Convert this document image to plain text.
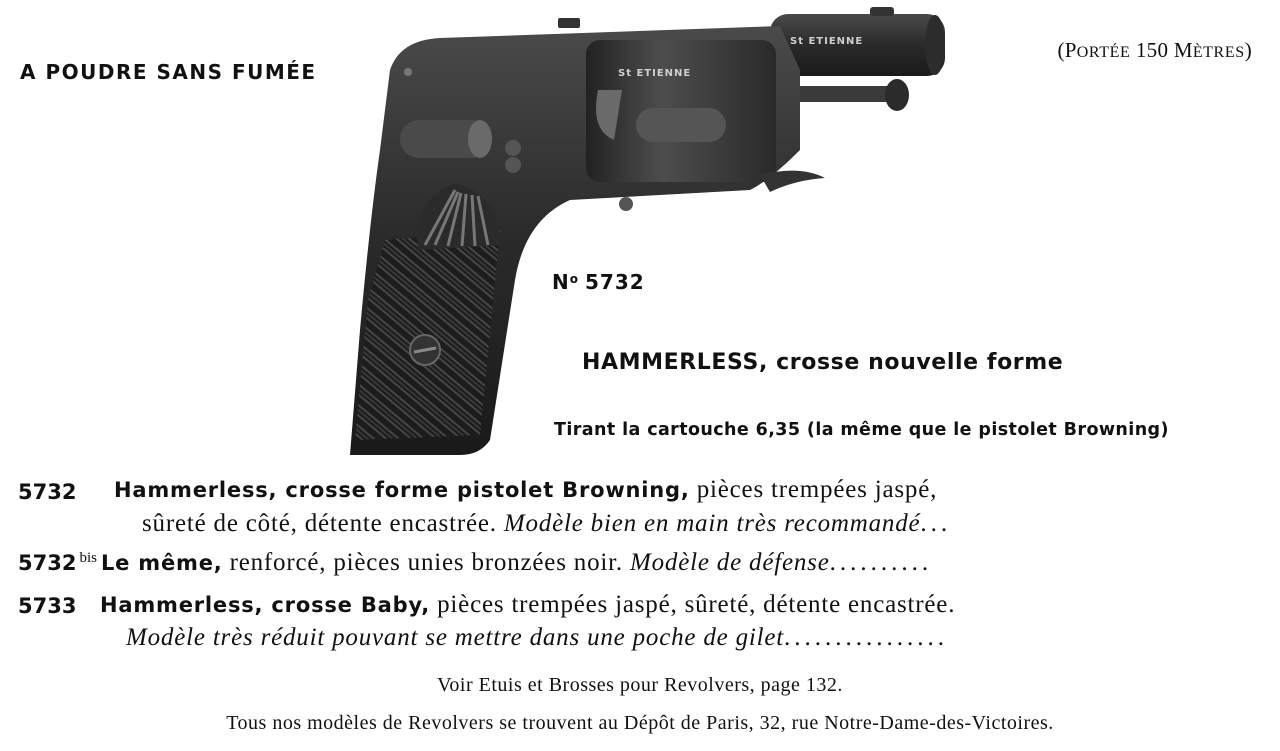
A POUDRE SANS FUMÉE
(PORTÉE 150 MÈTRES)
St ETIENNE
St ETIENNE
$N^o$ 5732
HAMMERLESS, crosse nouvelle forme
Tirant la cartouche 6,35 (la même que le pistolet Browning)
5732 Hammerless, crosse forme pistolet Browning, pièces trempées jaspé,
sûreté de côté, détente encastrée. Modèle bien en main très recommandé...
5732 bis Le même, renforcé, pièces unies bronzées noir. Modèle de défense..........
5733 Hammerless, crosse Baby, pièces trempées jaspé, sûreté, détente encastrée.
Modèle très réduit pouvant se mettre dans une poche de gilet................
Voir Etuis et Brosses pour Revolvers, page 132.
Tous nos modèles de Revolvers se trouvent au Dépôt de Paris, 32, rue Notre-Dame-des-Victoires.
